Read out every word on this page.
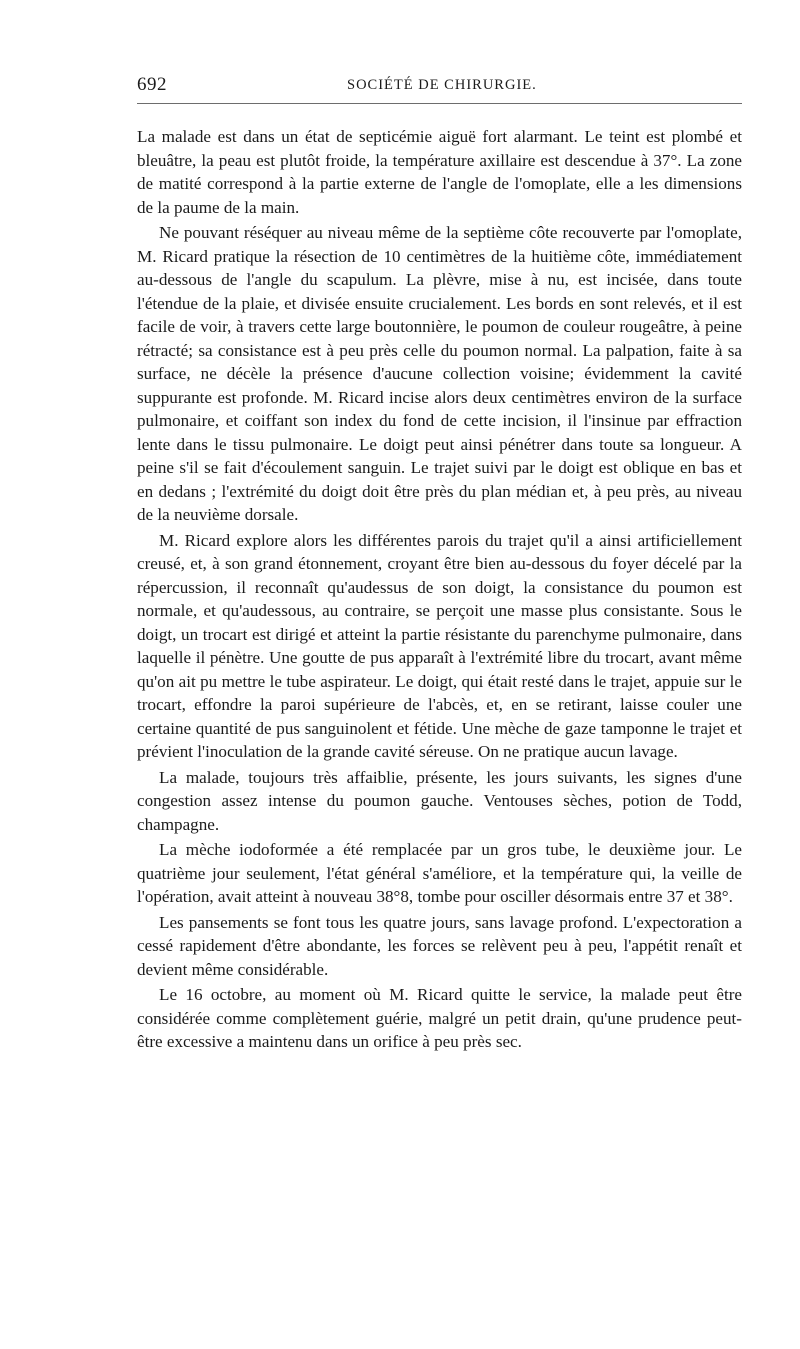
692	SOCIÉTÉ DE CHIRURGIE.

La malade est dans un état de septicémie aiguë fort alarmant. Le teint est plombé et bleuâtre, la peau est plutôt froide, la température axillaire est descendue à 37°. La zone de matité correspond à la partie externe de l'angle de l'omoplate, elle a les dimensions de la paume de la main.

Ne pouvant réséquer au niveau même de la septième côte recouverte par l'omoplate, M. Ricard pratique la résection de 10 centimètres de la huitième côte, immédiatement au-dessous de l'angle du scapulum. La plèvre, mise à nu, est incisée, dans toute l'étendue de la plaie, et divisée ensuite crucialement. Les bords en sont relevés, et il est facile de voir, à travers cette large boutonnière, le poumon de couleur rougeâtre, à peine rétracté; sa consistance est à peu près celle du poumon normal. La palpation, faite à sa surface, ne décèle la présence d'aucune collection voisine; évidemment la cavité suppurante est profonde. M. Ricard incise alors deux centimètres environ de la surface pulmonaire, et coiffant son index du fond de cette incision, il l'insinue par effraction lente dans le tissu pulmonaire. Le doigt peut ainsi pénétrer dans toute sa longueur. A peine s'il se fait d'écoulement sanguin. Le trajet suivi par le doigt est oblique en bas et en dedans ; l'extrémité du doigt doit être près du plan médian et, à peu près, au niveau de la neuvième dorsale.

M. Ricard explore alors les différentes parois du trajet qu'il a ainsi artificiellement creusé, et, à son grand étonnement, croyant être bien au-dessous du foyer décelé par la répercussion, il reconnaît qu'audessus de son doigt, la consistance du poumon est normale, et qu'audessous, au contraire, se perçoit une masse plus consistante. Sous le doigt, un trocart est dirigé et atteint la partie résistante du parenchyme pulmonaire, dans laquelle il pénètre. Une goutte de pus apparaît à l'extrémité libre du trocart, avant même qu'on ait pu mettre le tube aspirateur. Le doigt, qui était resté dans le trajet, appuie sur le trocart, effondre la paroi supérieure de l'abcès, et, en se retirant, laisse couler une certaine quantité de pus sanguinolent et fétide. Une mèche de gaze tamponne le trajet et prévient l'inoculation de la grande cavité séreuse. On ne pratique aucun lavage.

La malade, toujours très affaiblie, présente, les jours suivants, les signes d'une congestion assez intense du poumon gauche. Ventouses sèches, potion de Todd, champagne.

La mèche iodoformée a été remplacée par un gros tube, le deuxième jour. Le quatrième jour seulement, l'état général s'améliore, et la température qui, la veille de l'opération, avait atteint à nouveau 38°8, tombe pour osciller désormais entre 37 et 38°.

Les pansements se font tous les quatre jours, sans lavage profond. L'expectoration a cessé rapidement d'être abondante, les forces se relèvent peu à peu, l'appétit renaît et devient même considérable.

Le 16 octobre, au moment où M. Ricard quitte le service, la malade peut être considérée comme complètement guérie, malgré un petit drain, qu'une prudence peut-être excessive a maintenu dans un orifice à peu près sec.
